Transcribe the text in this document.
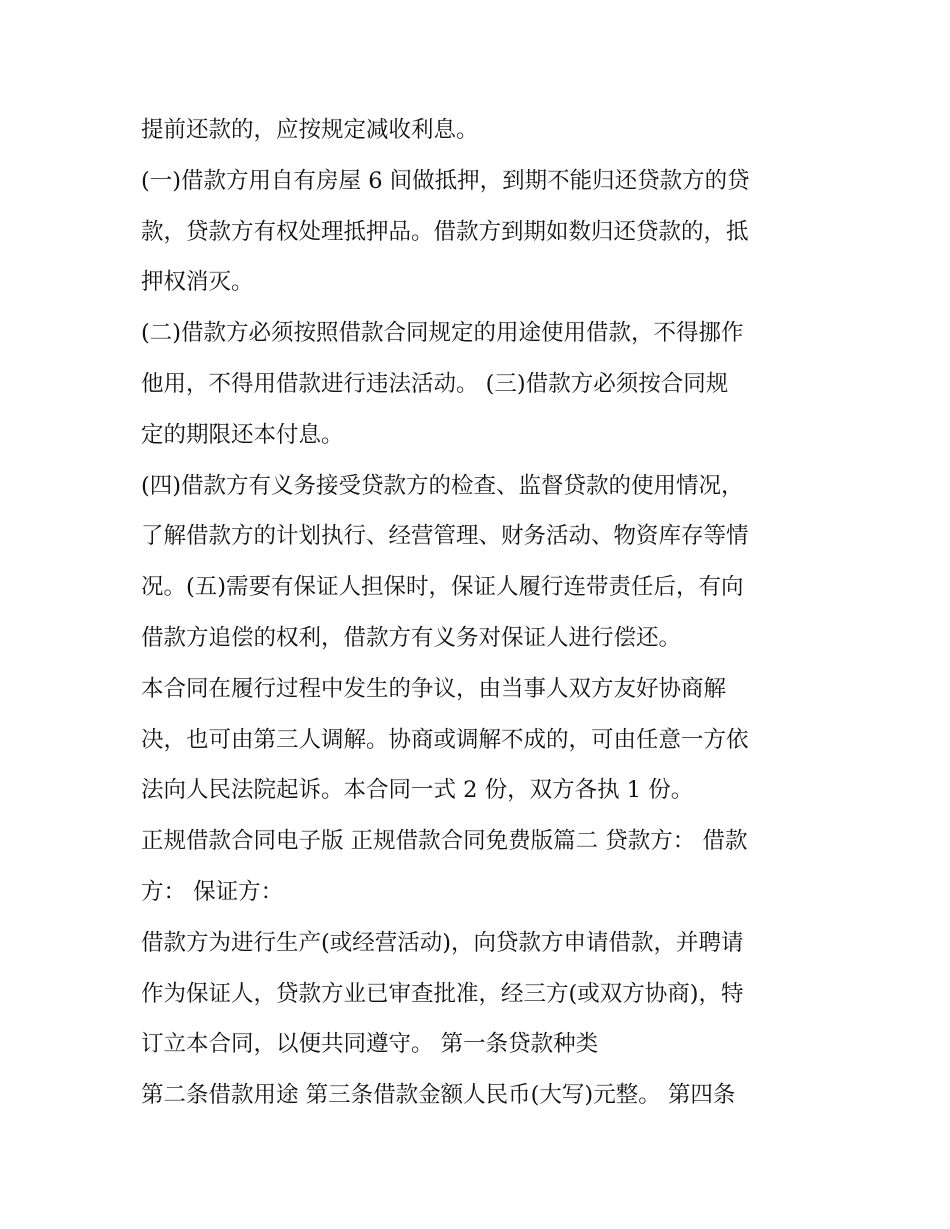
提前还款的，应按规定减收利息。
(一)借款方用自有房屋 6 间做抵押，到期不能归还贷款方的贷
款，贷款方有权处理抵押品。借款方到期如数归还贷款的，抵
押权消灭。
(二)借款方必须按照借款合同规定的用途使用借款，不得挪作
他用，不得用借款进行违法活动。 (三)借款方必须按合同规
定的期限还本付息。
(四)借款方有义务接受贷款方的检查、监督贷款的使用情况，
了解借款方的计划执行、经营管理、财务活动、物资库存等情
况。(五)需要有保证人担保时，保证人履行连带责任后，有向
借款方追偿的权利，借款方有义务对保证人进行偿还。
本合同在履行过程中发生的争议，由当事人双方友好协商解
决，也可由第三人调解。协商或调解不成的，可由任意一方依
法向人民法院起诉。本合同一式 2 份，双方各执 1 份。
正规借款合同电子版 正规借款合同免费版篇二 贷款方： 借款
方： 保证方：
借款方为进行生产(或经营活动)，向贷款方申请借款，并聘请
作为保证人，贷款方业已审查批准，经三方(或双方协商)，特
订立本合同，以便共同遵守。 第一条贷款种类
第二条借款用途 第三条借款金额人民币(大写)元整。 第四条
